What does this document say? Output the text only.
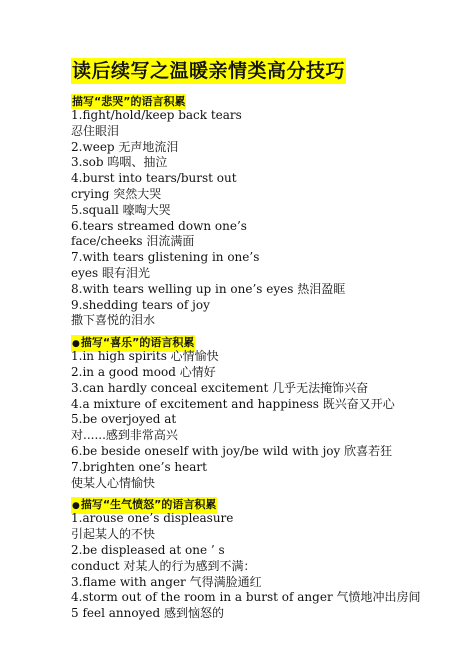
读后续写之温暖亲情类高分技巧
描写“悲哭”的语言积累
1.fight/hold/keep back tears
忍住眼泪
2.weep 无声地流泪
3.sob 呜咽、抽泣
4.burst into tears/burst out
crying 突然大哭
5.squall 嚎啕大哭
6.tears streamed down one’s
face/cheeks 泪流满面
7.with tears glistening in one’s
eyes 眼有泪光
8.with tears welling up in one’s eyes 热泪盈眶
9.shedding tears of joy
撒下喜悦的泪水
●描写“喜乐”的语言积累
1.in high spirits 心情愉快
2.in a good mood 心情好
3.can hardly conceal excitement 几乎无法掩饰兴奋
4.a mixture of excitement and happiness 既兴奋又开心
5.be overjoyed at
对......感到非常高兴
6.be beside oneself with joy/be wild with joy 欣喜若狂
7.brighten one’s heart
使某人心情愉快
●描写“生气愤怒”的语言积累
1.arouse one’s displeasure
引起某人的不快
2.be displeased at one ’ s
conduct 对某人的行为感到不满：
3.flame with anger 气得满脸通红
4.storm out of the room in a burst of anger 气愤地冲出房间
5 feel annoyed 感到恼怒的
